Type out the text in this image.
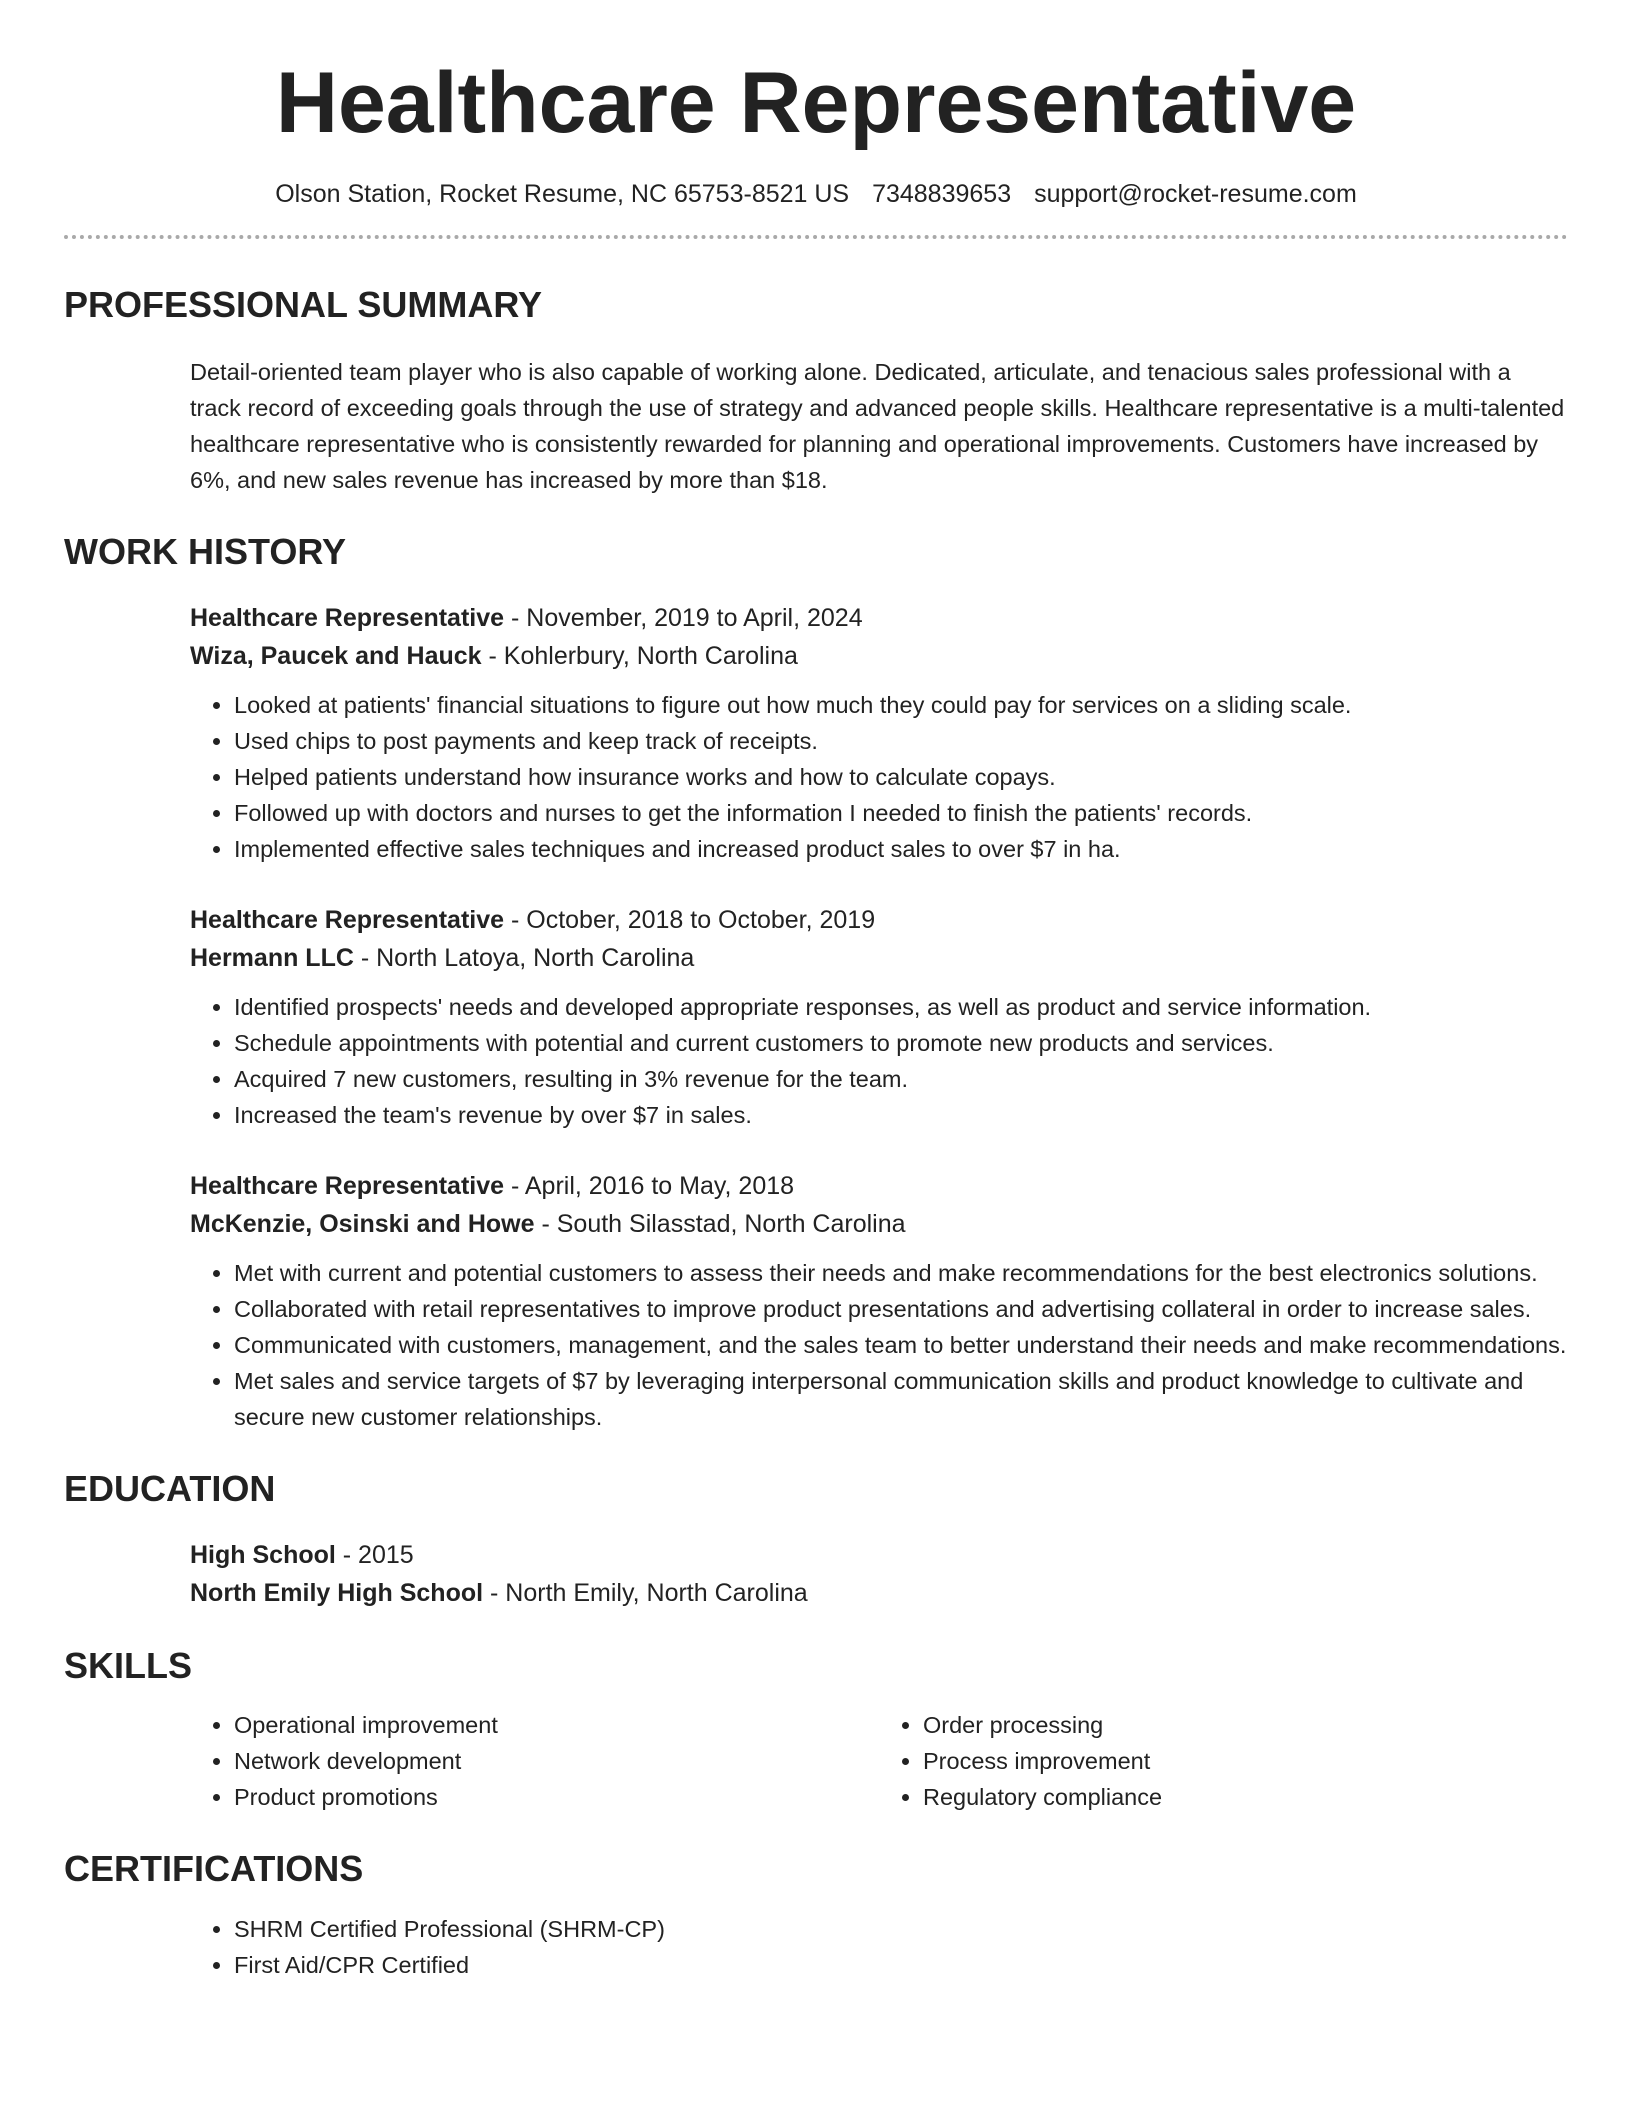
Healthcare Representative
Olson Station, Rocket Resume, NC 65753-8521 US 7348839653 support@rocket-resume.com
PROFESSIONAL SUMMARY
Detail-oriented team player who is also capable of working alone. Dedicated, articulate, and tenacious sales professional with a track record of exceeding goals through the use of strategy and advanced people skills. Healthcare representative is a multi-talented healthcare representative who is consistently rewarded for planning and operational improvements. Customers have increased by 6%, and new sales revenue has increased by more than $18.
WORK HISTORY
Healthcare Representative - November, 2019 to April, 2024
Wiza, Paucek and Hauck - Kohlerbury, North Carolina
• Looked at patients' financial situations to figure out how much they could pay for services on a sliding scale.
• Used chips to post payments and keep track of receipts.
• Helped patients understand how insurance works and how to calculate copays.
• Followed up with doctors and nurses to get the information I needed to finish the patients' records.
• Implemented effective sales techniques and increased product sales to over $7 in ha.
Healthcare Representative - October, 2018 to October, 2019
Hermann LLC - North Latoya, North Carolina
• Identified prospects' needs and developed appropriate responses, as well as product and service information.
• Schedule appointments with potential and current customers to promote new products and services.
• Acquired 7 new customers, resulting in 3% revenue for the team.
• Increased the team's revenue by over $7 in sales.
Healthcare Representative - April, 2016 to May, 2018
McKenzie, Osinski and Howe - South Silasstad, North Carolina
• Met with current and potential customers to assess their needs and make recommendations for the best electronics solutions.
• Collaborated with retail representatives to improve product presentations and advertising collateral in order to increase sales.
• Communicated with customers, management, and the sales team to better understand their needs and make recommendations.
• Met sales and service targets of $7 by leveraging interpersonal communication skills and product knowledge to cultivate and secure new customer relationships.
EDUCATION
High School - 2015
North Emily High School - North Emily, North Carolina
SKILLS
• Operational improvement
• Network development
• Product promotions
• Order processing
• Process improvement
• Regulatory compliance
CERTIFICATIONS
• SHRM Certified Professional (SHRM-CP)
• First Aid/CPR Certified
